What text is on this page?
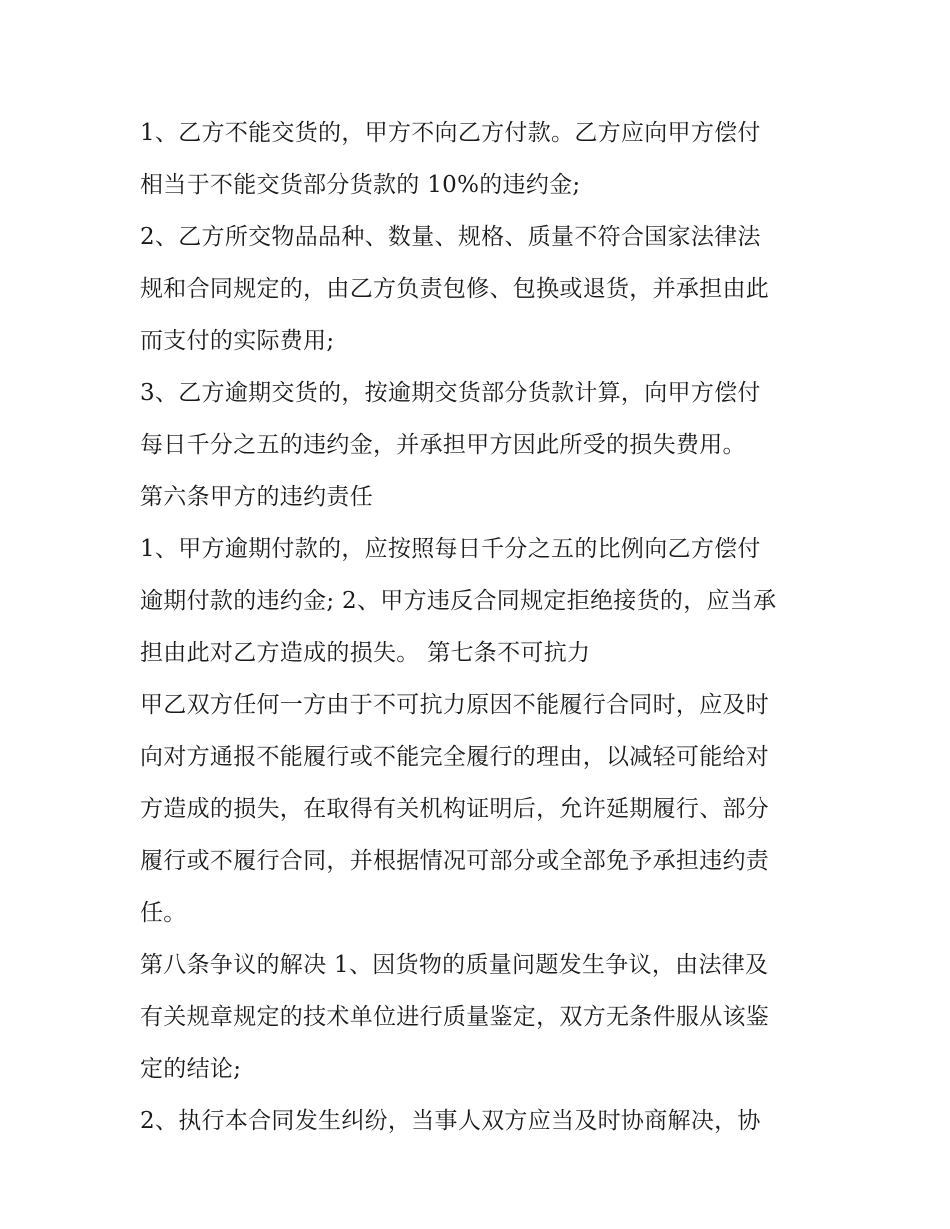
1、乙方不能交货的，甲方不向乙方付款。乙方应向甲方偿付
相当于不能交货部分货款的 10%的违约金;
2、乙方所交物品品种、数量、规格、质量不符合国家法律法
规和合同规定的，由乙方负责包修、包换或退货，并承担由此
而支付的实际费用;
3、乙方逾期交货的，按逾期交货部分货款计算，向甲方偿付
每日千分之五的违约金，并承担甲方因此所受的损失费用。
第六条甲方的违约责任
1、甲方逾期付款的，应按照每日千分之五的比例向乙方偿付
逾期付款的违约金; 2、甲方违反合同规定拒绝接货的，应当承
担由此对乙方造成的损失。 第七条不可抗力
甲乙双方任何一方由于不可抗力原因不能履行合同时，应及时
向对方通报不能履行或不能完全履行的理由，以减轻可能给对
方造成的损失，在取得有关机构证明后，允许延期履行、部分
履行或不履行合同，并根据情况可部分或全部免予承担违约责
任。
第八条争议的解决 1、因货物的质量问题发生争议，由法律及
有关规章规定的技术单位进行质量鉴定，双方无条件服从该鉴
定的结论;
2、执行本合同发生纠纷，当事人双方应当及时协商解决，协
